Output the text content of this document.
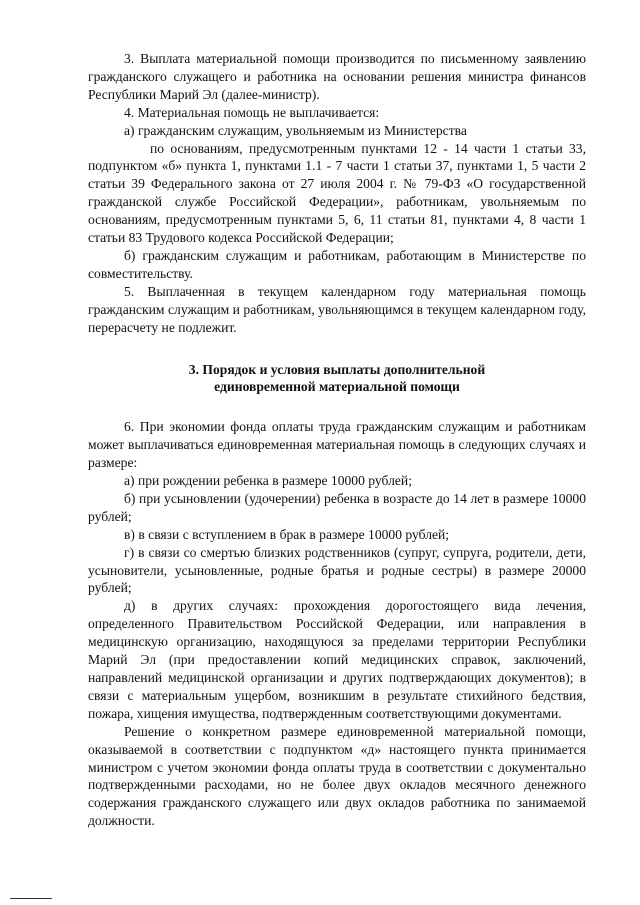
3. Выплата материальной помощи производится по письменному заявлению гражданского служащего и работника на основании решения министра финансов Республики Марий Эл (далее-министр).

4. Материальная помощь не выплачивается:

а) гражданским служащим, увольняемым из Министерства

по основаниям, предусмотренным пунктами 12 - 14 части 1 статьи 33, подпунктом «б» пункта 1, пунктами 1.1 - 7 части 1 статьи 37, пунктами 1, 5 части 2 статьи 39 Федерального закона от 27 июля 2004 г. № 79-ФЗ «О государственной гражданской службе Российской Федерации», работникам, увольняемым по основаниям, предусмотренным пунктами 5, 6, 11 статьи 81, пунктами 4, 8 части 1 статьи 83 Трудового кодекса Российской Федерации;

б) гражданским служащим и работникам, работающим в Министерстве по совместительству.

5. Выплаченная в текущем календарном году материальная помощь гражданским служащим и работникам, увольняющимся в текущем календарном году, перерасчету не подлежит.

3. Порядок и условия выплаты дополнительной
единовременной материальной помощи

6. При экономии фонда оплаты труда гражданским служащим и работникам может выплачиваться единовременная материальная помощь в следующих случаях и размере:

а) при рождении ребенка в размере 10000 рублей;

б) при усыновлении (удочерении) ребенка в возрасте до 14 лет в размере 10000 рублей;

в) в связи с вступлением в брак в размере 10000 рублей;

г) в связи со смертью близких родственников (супруг, супруга, родители, дети, усыновители, усыновленные, родные братья и родные сестры) в размере 20000 рублей;

д) в других случаях: прохождения дорогостоящего вида лечения, определенного Правительством Российской Федерации, или направления в медицинскую организацию, находящуюся за пределами территории Республики Марий Эл (при предоставлении копий медицинских справок, заключений, направлений медицинской организации и других подтверждающих документов); в связи с материальным ущербом, возникшим в результате стихийного бедствия, пожара, хищения имущества, подтвержденным соответствующими документами.

Решение о конкретном размере единовременной материальной помощи, оказываемой в соответствии с подпунктом «д» настоящего пункта принимается министром с учетом экономии фонда оплаты труда в соответствии с документально подтвержденными расходами, но не более двух окладов месячного денежного содержания гражданского служащего или двух окладов работника по занимаемой должности.
